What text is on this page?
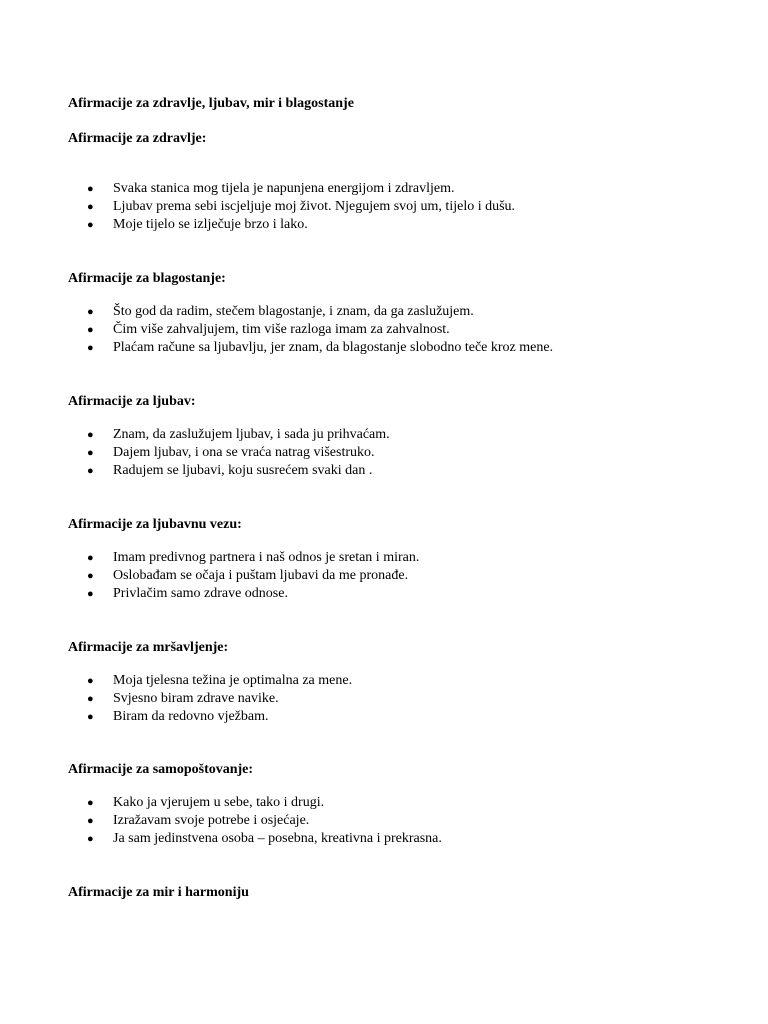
Afirmacije za zdravlje, ljubav, mir i blagostanje
Afirmacije za zdravlje:
● Svaka stanica mog tijela je napunjena energijom i zdravljem.
● Ljubav prema sebi iscjeljuje moj život. Njegujem svoj um, tijelo i dušu.
● Moje tijelo se izlječuje brzo i lako.
Afirmacije za blagostanje:
● Što god da radim, stečem blagostanje, i znam, da ga zaslužujem.
● Čim više zahvaljujem, tim više razloga imam za zahvalnost.
● Plaćam račune sa ljubavlju, jer znam, da blagostanje slobodno teče kroz mene.
Afirmacije za ljubav:
● Znam, da zaslužujem ljubav, i sada ju prihvaćam.
● Dajem ljubav, i ona se vraća natrag višestruko.
● Radujem se ljubavi, koju susrećem svaki dan .
Afirmacije za ljubavnu vezu:
● Imam predivnog partnera i naš odnos je sretan i miran.
● Oslobađam se očaja i puštam ljubavi da me pronađe.
● Privlačim samo zdrave odnose.
Afirmacije za mršavljenje:
● Moja tjelesna težina je optimalna za mene.
● Svjesno biram zdrave navike.
● Biram da redovno vježbam.
Afirmacije za samopoštovanje:
● Kako ja vjerujem u sebe, tako i drugi.
● Izražavam svoje potrebe i osjećaje.
● Ja sam jedinstvena osoba – posebna, kreativna i prekrasna.
Afirmacije za mir i harmoniju
